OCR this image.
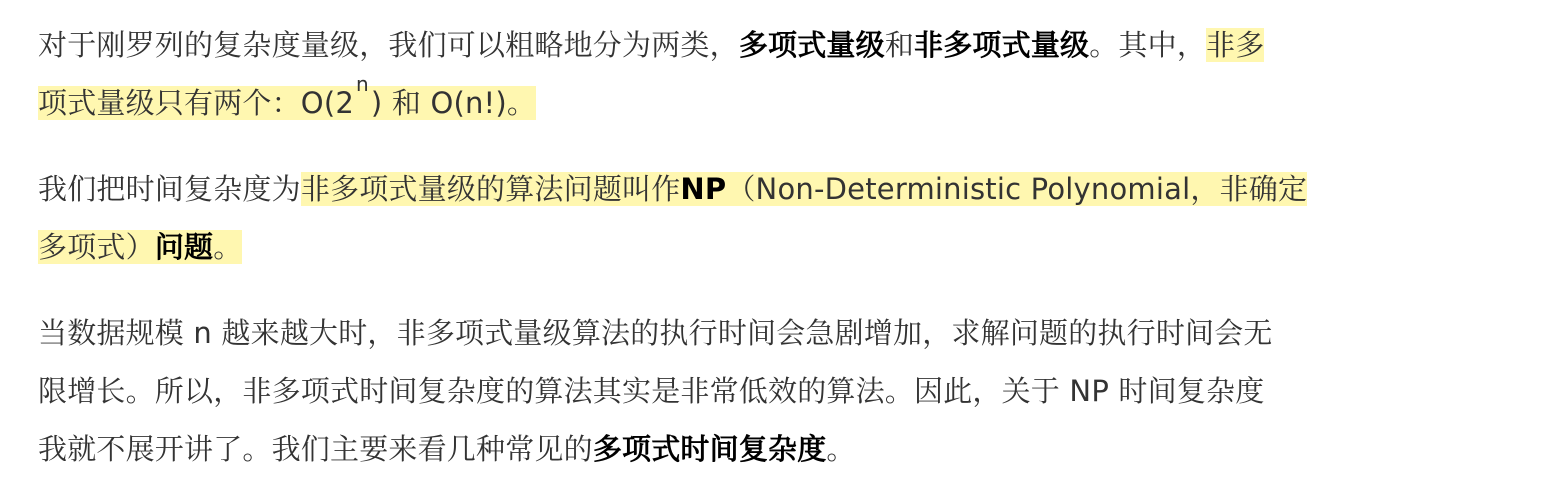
对于刚罗列的复杂度量级，我们可以粗略地分为两类，多项式量级和非多项式量级。其中，非多
项式量级只有两个：O(2$^n$) 和 O(n!)。

我们把时间复杂度为非多项式量级的算法问题叫作NP（Non-Deterministic Polynomial，非确定
多项式）问题。

当数据规模 n 越来越大时，非多项式量级算法的执行时间会急剧增加，求解问题的执行时间会无
限增长。所以，非多项式时间复杂度的算法其实是非常低效的算法。因此，关于 NP 时间复杂度
我就不展开讲了。我们主要来看几种常见的多项式时间复杂度。
